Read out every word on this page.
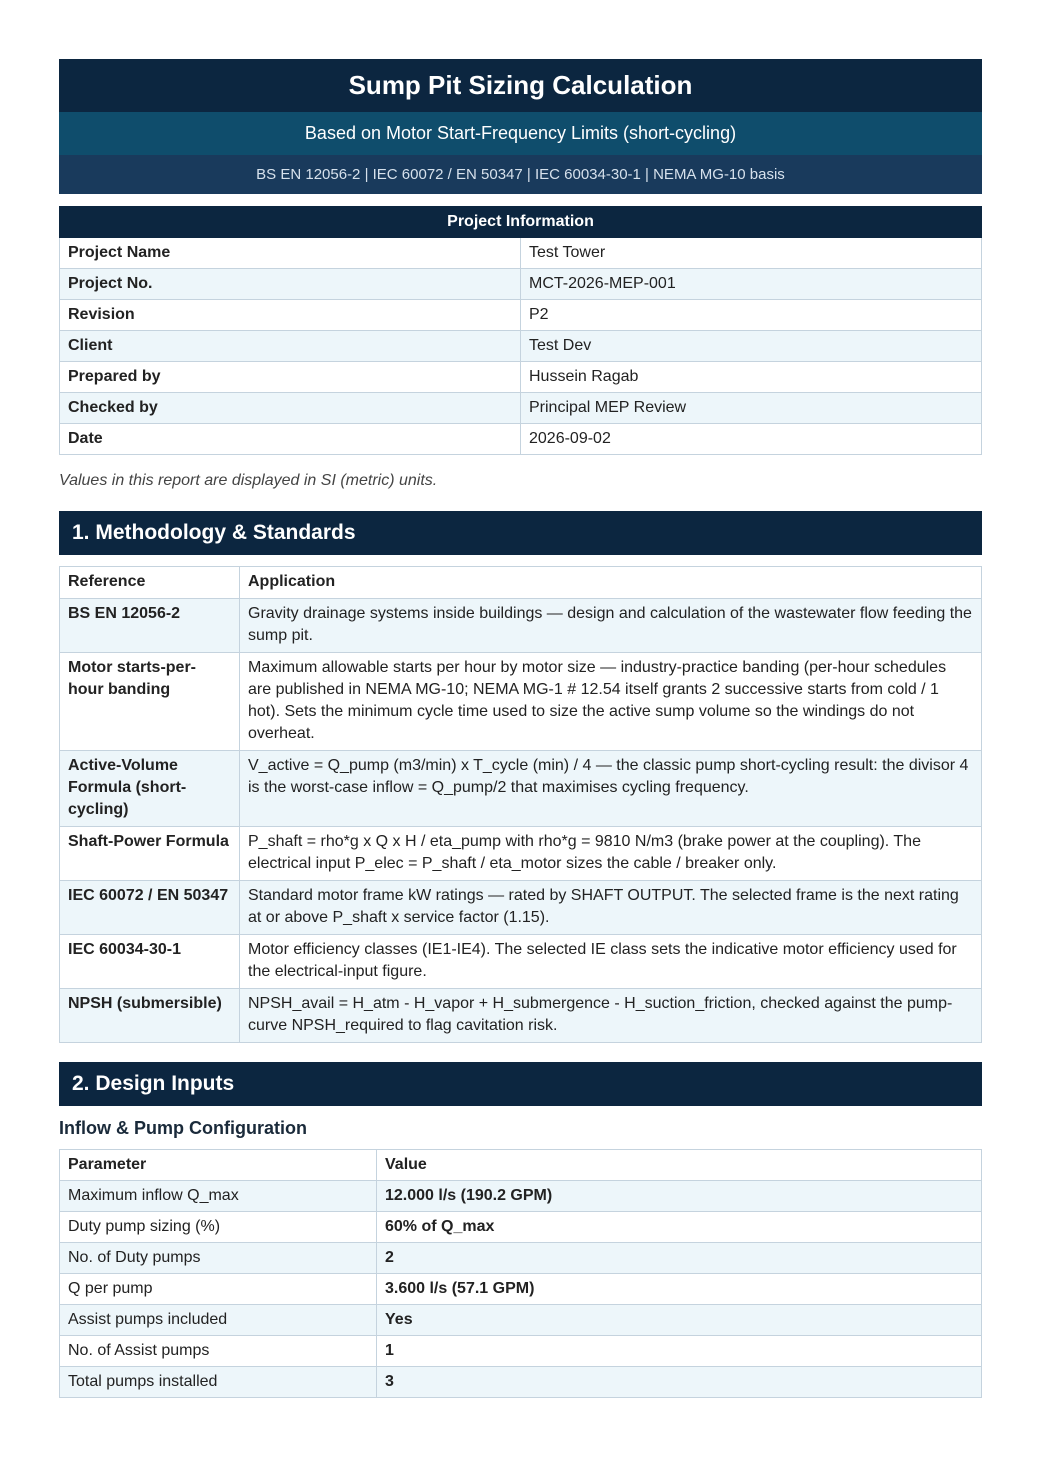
Sump Pit Sizing Calculation
Based on Motor Start-Frequency Limits (short-cycling)
BS EN 12056-2 | IEC 60072 / EN 50347 | IEC 60034-30-1 | NEMA MG-10 basis
Project Information	
Project Name	Test Tower
Project No.	MCT-2026-MEP-001
Revision	P2
Client	Test Dev
Prepared by	Hussein Ragab
Checked by	Principal MEP Review
Date	2026-09-02
Values in this report are displayed in SI (metric) units.
1. Methodology & Standards
Reference	Application
BS EN 12056-2	Gravity drainage systems inside buildings — design and calculation of the wastewater flow feeding the sump pit.
Motor starts-per-hour banding	Maximum allowable starts per hour by motor size — industry-practice banding (per-hour schedules are published in NEMA MG-10; NEMA MG-1 # 12.54 itself grants 2 successive starts from cold / 1 hot). Sets the minimum cycle time used to size the active sump volume so the windings do not overheat.
Active-Volume Formula (short-cycling)	V_active = Q_pump (m3/min) x T_cycle (min) / 4 — the classic pump short-cycling result: the divisor 4 is the worst-case inflow = Q_pump/2 that maximises cycling frequency.
Shaft-Power Formula	P_shaft = rho*g x Q x H / eta_pump with rho*g = 9810 N/m3 (brake power at the coupling). The electrical input P_elec = P_shaft / eta_motor sizes the cable / breaker only.
IEC 60072 / EN 50347	Standard motor frame kW ratings — rated by SHAFT OUTPUT. The selected frame is the next rating at or above P_shaft x service factor (1.15).
IEC 60034-30-1	Motor efficiency classes (IE1-IE4). The selected IE class sets the indicative motor efficiency used for the electrical-input figure.
NPSH (submersible)	NPSH_avail = H_atm - H_vapor + H_submergence - H_suction_friction, checked against the pump-curve NPSH_required to flag cavitation risk.
2. Design Inputs
Inflow & Pump Configuration
Parameter	Value
Maximum inflow Q_max	12.000 l/s (190.2 GPM)
Duty pump sizing (%)	60% of Q_max
No. of Duty pumps	2
Q per pump	3.600 l/s (57.1 GPM)
Assist pumps included	Yes
No. of Assist pumps	1
Total pumps installed	3
